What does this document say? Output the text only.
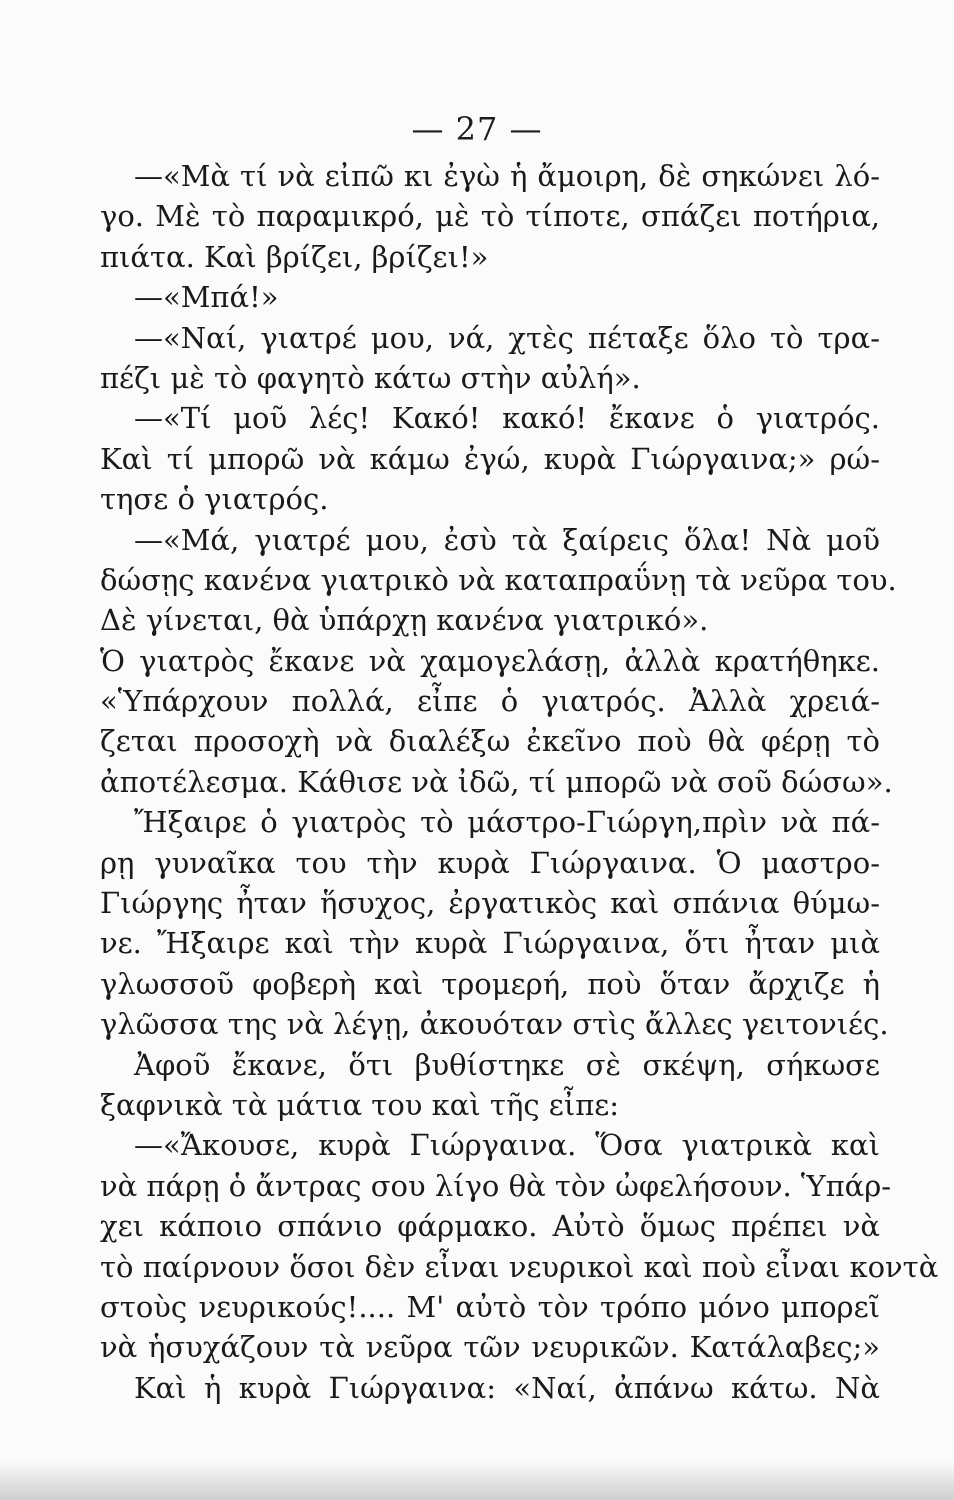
— 27 —
—«Μὰ τί νὰ εἰπῶ κι ἐγὼ ἡ ἄμοιρη, δὲ σηκώνει λό-
γο. Μὲ τὸ παραμικρό, μὲ τὸ τίποτε, σπάζει ποτήρια,
πιάτα. Καὶ βρίζει, βρίζει!»
—«Μπά!»
—«Ναί, γιατρέ μου, νά, χτὲς πέταξε ὅλο τὸ τρα-
πέζι μὲ τὸ φαγητὸ κάτω στὴν αὐλή».
—«Τί μοῦ λές! Κακό! κακό! ἔκανε ὁ γιατρός.
Καὶ τί μπορῶ νὰ κάμω ἐγώ, κυρὰ Γιώργαινα;» ρώ-
τησε ὁ γιατρός.
—«Μά, γιατρέ μου, ἐσὺ τὰ ξαίρεις ὅλα! Νὰ μοῦ
δώσῃς κανένα γιατρικὸ νὰ καταπραΰνῃ τὰ νεῦρα του.
Δὲ γίνεται, θὰ ὑπάρχῃ κανένα γιατρικό».
Ὁ γιατρὸς ἔκανε νὰ χαμογελάσῃ, ἀλλὰ κρατήθηκε.
«Ὑπάρχουν πολλά, εἶπε ὁ γιατρός. Ἀλλὰ χρειά-
ζεται προσοχὴ νὰ διαλέξω ἐκεῖνο ποὺ θὰ φέρῃ τὸ
ἀποτέλεσμα. Κάθισε νὰ ἰδῶ, τί μπορῶ νὰ σοῦ δώσω».
Ἤξαιρε ὁ γιατρὸς τὸ μάστρο-Γιώργη,πρὶν νὰ πά-
ρῃ γυναῖκα του τὴν κυρὰ Γιώργαινα. Ὁ μαστρο-
Γιώργης ἦταν ἥσυχος, ἐργατικὸς καὶ σπάνια θύμω-
νε. Ἤξαιρε καὶ τὴν κυρὰ Γιώργαινα, ὅτι ἦταν μιὰ
γλωσσοῦ φοβερὴ καὶ τρομερή, ποὺ ὅταν ἄρχιζε ἡ
γλῶσσα της νὰ λέγῃ, ἀκουόταν στὶς ἄλλες γειτονιές.
Ἀφοῦ ἔκανε, ὅτι βυθίστηκε σὲ σκέψη, σήκωσε
ξαφνικὰ τὰ μάτια του καὶ τῆς εἶπε:
—«Ἄκουσε, κυρὰ Γιώργαινα. Ὅσα γιατρικὰ καὶ
νὰ πάρῃ ὁ ἄντρας σου λίγο θὰ τὸν ὠφελήσουν. Ὑπάρ-
χει κάποιο σπάνιο φάρμακο. Αὐτὸ ὅμως πρέπει νὰ
τὸ παίρνουν ὅσοι δὲν εἶναι νευρικοὶ καὶ ποὺ εἶναι κοντὰ
στοὺς νευρικούς!.... Μ' αὐτὸ τὸν τρόπο μόνο μπορεῖ
νὰ ἡσυχάζουν τὰ νεῦρα τῶν νευρικῶν. Κατάλαβες;»
Καὶ ἡ κυρὰ Γιώργαινα: «Ναί, ἀπάνω κάτω. Νὰ
